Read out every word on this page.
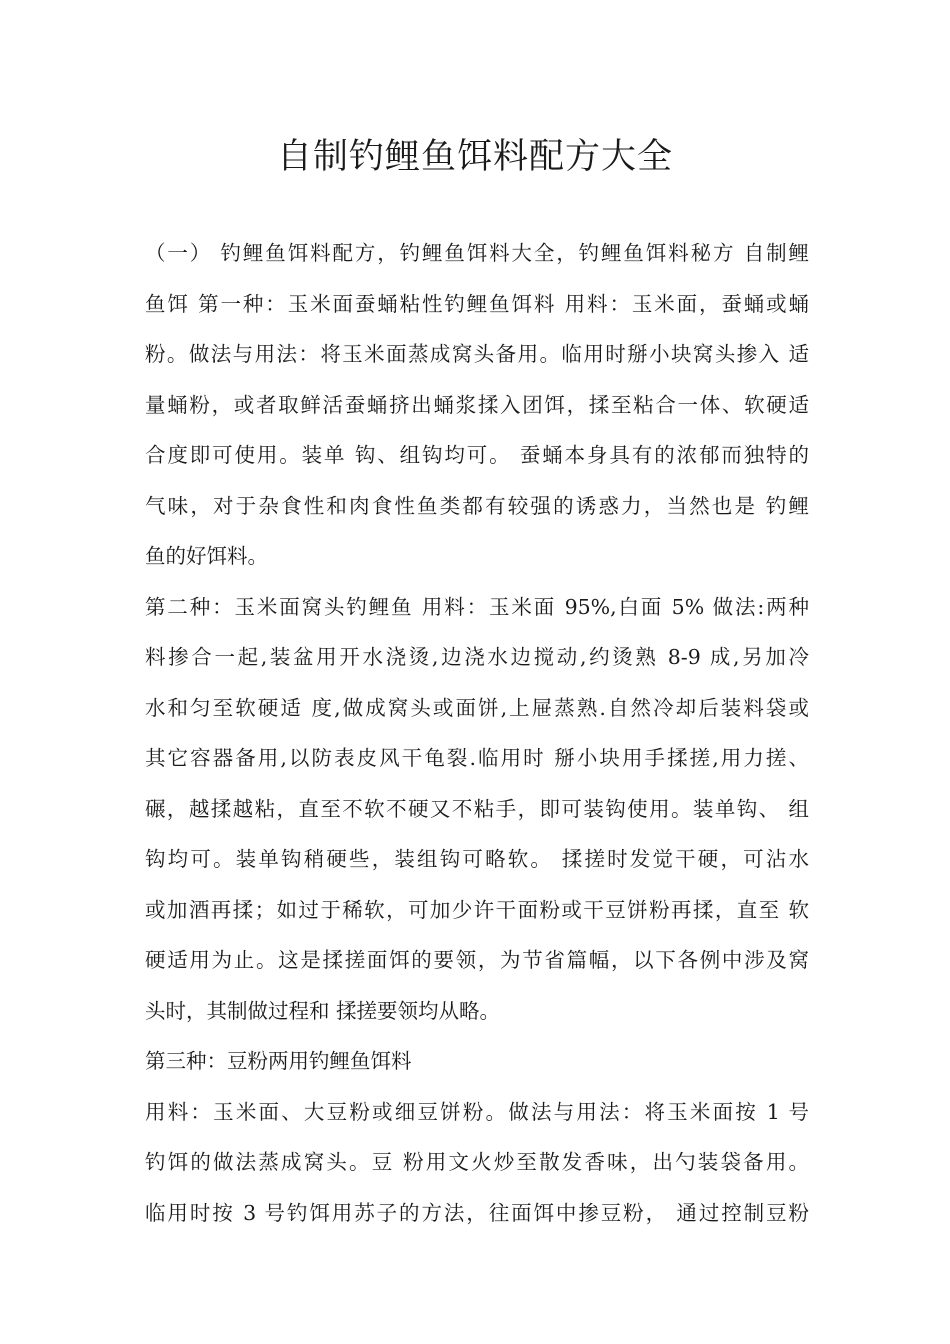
自制钓鲤鱼饵料配方大全
（一） 钓鲤鱼饵料配方，钓鲤鱼饵料大全，钓鲤鱼饵料秘方 自制鲤
鱼饵 第一种：玉米面蚕蛹粘性钓鲤鱼饵料 用料：玉米面，蚕蛹或蛹
粉。做法与用法：将玉米面蒸成窝头备用。临用时掰小块窝头掺入 适
量蛹粉，或者取鲜活蚕蛹挤出蛹浆揉入团饵，揉至粘合一体、软硬适
合度即可使用。装单 钩、组钩均可。 蚕蛹本身具有的浓郁而独特的
气味，对于杂食性和肉食性鱼类都有较强的诱惑力，当然也是 钓鲤
鱼的好饵料。
第二种：玉米面窝头钓鲤鱼 用料：玉米面 95%,白面 5% 做法:两种
料掺合一起,装盆用开水浇烫,边浇水边搅动,约烫熟 8-9 成,另加冷
水和匀至软硬适 度,做成窝头或面饼,上屉蒸熟.自然冷却后装料袋或
其它容器备用,以防表皮风干龟裂.临用时 掰小块用手揉搓,用力搓、
碾，越揉越粘，直至不软不硬又不粘手，即可装钩使用。装单钩、 组
钩均可。装单钩稍硬些，装组钩可略软。 揉搓时发觉干硬，可沾水
或加酒再揉；如过于稀软，可加少许干面粉或干豆饼粉再揉，直至 软
硬适用为止。这是揉搓面饵的要领，为节省篇幅，以下各例中涉及窝
头时，其制做过程和 揉搓要领均从略。
第三种：豆粉两用钓鲤鱼饵料
用料：玉米面、大豆粉或细豆饼粉。做法与用法：将玉米面按 1 号
钓饵的做法蒸成窝头。豆 粉用文火炒至散发香味，出勺装袋备用。
临用时按 3 号钓饵用苏子的方法，往面饵中掺豆粉， 通过控制豆粉
